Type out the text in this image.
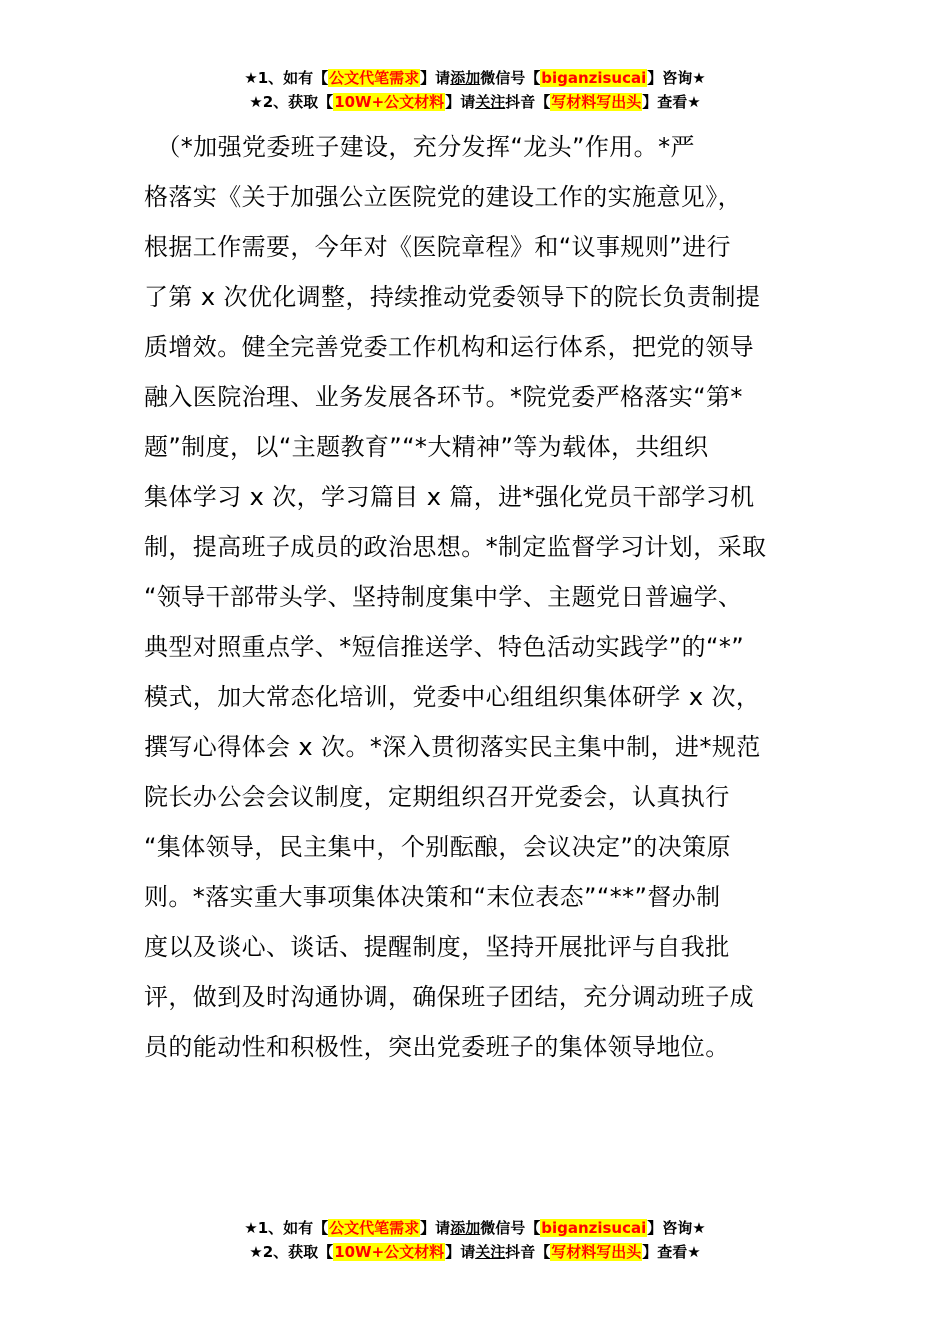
★1、如有【公文代笔需求】请添加微信号【biganzisucai】咨询★
★2、获取【10W+公文材料】请关注抖音【写材料写出头】查看★
　（*加强党委班子建设，充分发挥“龙头”作用。*严
格落实《关于加强公立医院党的建设工作的实施意见》，
根据工作需要，今年对《医院章程》和“议事规则”进行
了第 x 次优化调整，持续推动党委领导下的院长负责制提
质增效。健全完善党委工作机构和运行体系，把党的领导
融入医院治理、业务发展各环节。*院党委严格落实“第*
题”制度，以“主题教育”“*大精神”等为载体，共组织
集体学习 x 次，学习篇目 x 篇，进*强化党员干部学习机
制，提高班子成员的政治思想。*制定监督学习计划，采取
“领导干部带头学、坚持制度集中学、主题党日普遍学、
典型对照重点学、*短信推送学、特色活动实践学”的“*”
模式，加大常态化培训，党委中心组组织集体研学 x 次，
撰写心得体会 x 次。*深入贯彻落实民主集中制，进*规范
院长办公会会议制度，定期组织召开党委会，认真执行
“集体领导，民主集中，个别酝酿，会议决定”的决策原
则。*落实重大事项集体决策和“末位表态”“**”督办制
度以及谈心、谈话、提醒制度，坚持开展批评与自我批
评，做到及时沟通协调，确保班子团结，充分调动班子成
员的能动性和积极性，突出党委班子的集体领导地位。
★1、如有【公文代笔需求】请添加微信号【biganzisucai】咨询★
★2、获取【10W+公文材料】请关注抖音【写材料写出头】查看★
